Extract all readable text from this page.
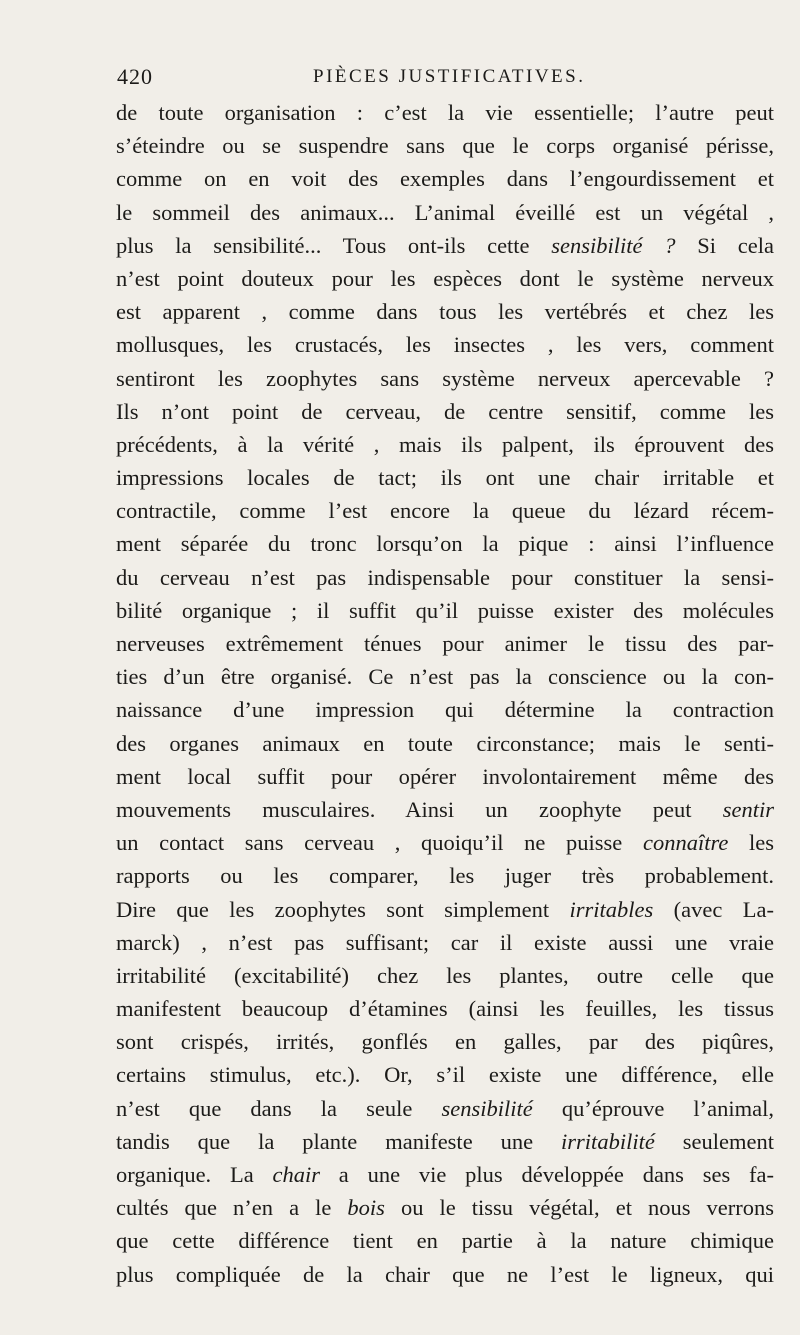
420	PIÈCES JUSTIFICATIVES.
de toute organisation : c’est la vie essentielle; l’autre peut
s’éteindre ou se suspendre sans que le corps organisé périsse,
comme on en voit des exemples dans l’engourdissement et
le sommeil des animaux... L’animal éveillé est un végétal ,
plus la sensibilité... Tous ont-ils cette sensibilité ? Si cela
n’est point douteux pour les espèces dont le système nerveux
est apparent , comme dans tous les vertébrés et chez les
mollusques, les crustacés, les insectes , les vers, comment
sentiront les zoophytes sans système nerveux apercevable ?
Ils n’ont point de cerveau, de centre sensitif, comme les
précédents, à la vérité , mais ils palpent, ils éprouvent des
impressions locales de tact; ils ont une chair irritable et
contractile, comme l’est encore la queue du lézard récem-
ment séparée du tronc lorsqu’on la pique : ainsi l’influence
du cerveau n’est pas indispensable pour constituer la sensi-
bilité organique ; il suffit qu’il puisse exister des molécules
nerveuses extrêmement ténues pour animer le tissu des par-
ties d’un être organisé. Ce n’est pas la conscience ou la con-
naissance d’une impression qui détermine la contraction
des organes animaux en toute circonstance; mais le senti-
ment local suffit pour opérer involontairement même des
mouvements musculaires. Ainsi un zoophyte peut sentir
un contact sans cerveau , quoiqu’il ne puisse connaître les
rapports ou les comparer, les juger très probablement.
Dire que les zoophytes sont simplement irritables (avec La-
marck) , n’est pas suffisant; car il existe aussi une vraie
irritabilité (excitabilité) chez les plantes, outre celle que
manifestent beaucoup d’étamines (ainsi les feuilles, les tissus
sont crispés, irrités, gonflés en galles, par des piqûres,
certains stimulus, etc.). Or, s’il existe une différence, elle
n’est que dans la seule sensibilité qu’éprouve l’animal,
tandis que la plante manifeste une irritabilité seulement
organique. La chair a une vie plus développée dans ses fa-
cultés que n’en a le bois ou le tissu végétal, et nous verrons
que cette différence tient en partie à la nature chimique
plus compliquée de la chair que ne l’est le ligneux, qui
